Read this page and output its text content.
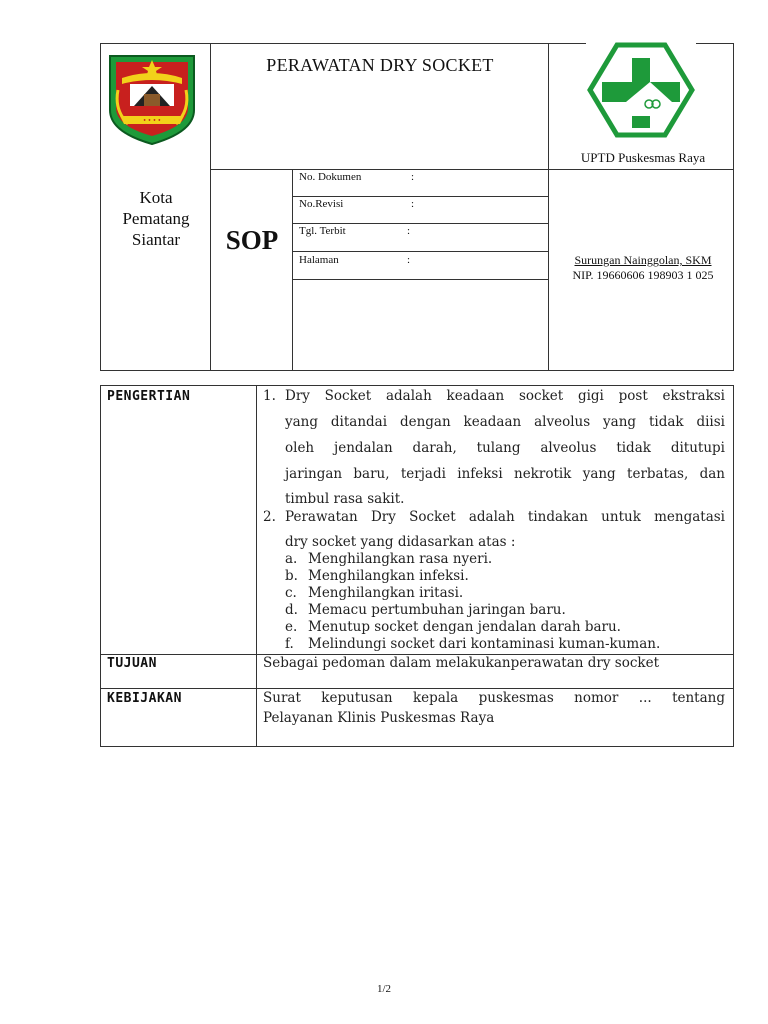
• • • •
PERAWATAN DRY SOCKET
Kota
Pematang
Siantar	SOP
No. Dokumen	:
No.Revisi	:
Tgl. Terbit	:
Halaman	:
UPTD Puskesmas Raya
Surungan Nainggolan, SKM
NIP. 19660606 198903 1 025
PENGERTIAN	1. Dry Socket adalah keadaan socket gigi post ekstraksi
yang ditandai dengan keadaan alveolus yang tidak diisi
oleh jendalan darah, tulang alveolus tidak ditutupi
jaringan baru, terjadi infeksi nekrotik yang terbatas, dan
timbul rasa sakit.
2. Perawatan Dry Socket adalah tindakan untuk mengatasi
dry socket yang didasarkan atas :
a. Menghilangkan rasa nyeri.
b. Menghilangkan infeksi.
c. Menghilangkan iritasi.
d. Memacu pertumbuhan jaringan baru.
e. Menutup socket dengan jendalan darah baru.
f. Melindungi socket dari kontaminasi kuman-kuman.
TUJUAN	Sebagai pedoman dalam melakukanperawatan dry socket
KEBIJAKAN	Surat keputusan kepala puskesmas nomor ... tentang
Pelayanan Klinis Puskesmas Raya
1/2
